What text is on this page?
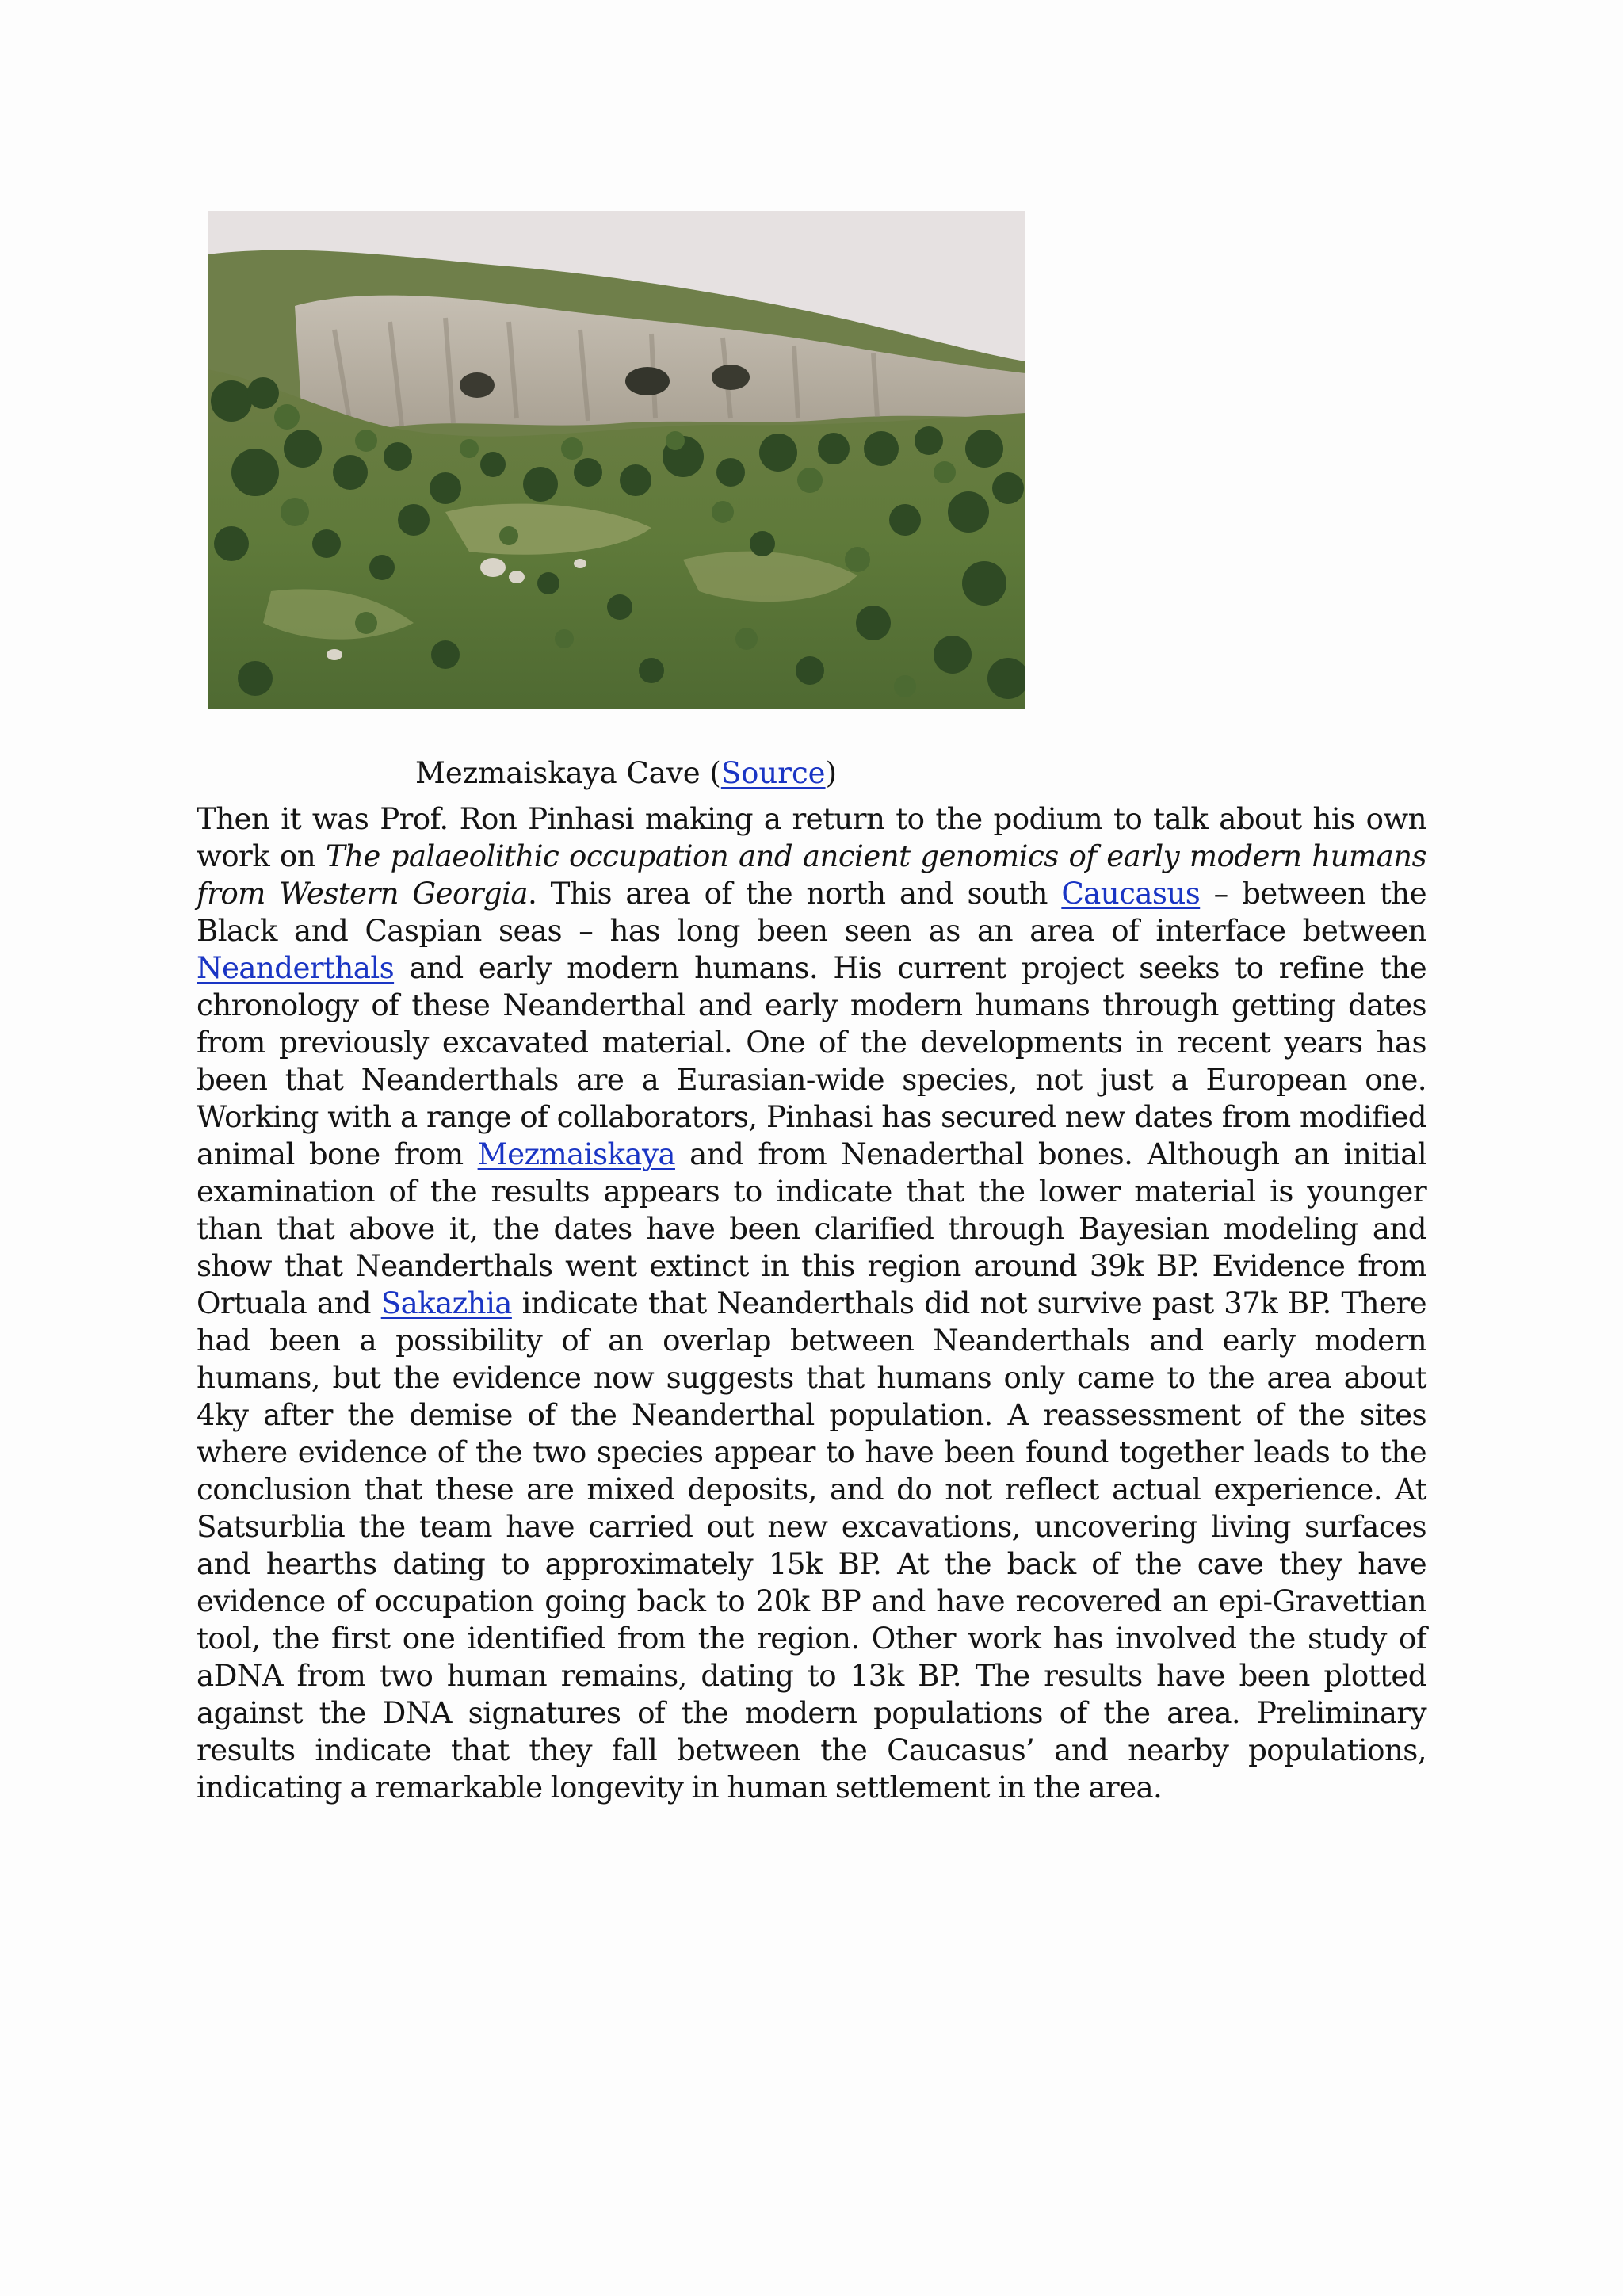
Mezmaiskaya Cave (Source)
Then it was Prof. Ron Pinhasi making a return to the podium to talk about his own work on The palaeolithic occupation and ancient genomics of early modern humans from Western Georgia. This area of the north and south Caucasus – between the Black and Caspian seas – has long been seen as an area of interface between Neanderthals and early modern humans. His current project seeks to refine the chronology of these Neanderthal and early modern humans through getting dates from previously excavated material. One of the developments in recent years has been that Neanderthals are a Eurasian-wide species, not just a European one. Working with a range of collaborators, Pinhasi has secured new dates from modified animal bone from Mezmaiskaya and from Nenaderthal bones. Although an initial examination of the results appears to indicate that the lower material is younger than that above it, the dates have been clarified through Bayesian modeling and show that Neanderthals went extinct in this region around 39k BP. Evidence from Ortuala and Sakazhia indicate that Neanderthals did not survive past 37k BP. There had been a possibility of an overlap between Neanderthals and early modern humans, but the evidence now suggests that humans only came to the area about 4ky after the demise of the Neanderthal population. A reassessment of the sites where evidence of the two species appear to have been found together leads to the conclusion that these are mixed deposits, and do not reflect actual experience. At Satsurblia the team have carried out new excavations, uncovering living surfaces and hearths dating to approximately 15k BP. At the back of the cave they have evidence of occupation going back to 20k BP and have recovered an epi-Gravettian tool, the first one identified from the region. Other work has involved the study of aDNA from two human remains, dating to 13k BP. The results have been plotted against the DNA signatures of the modern populations of the area. Preliminary results indicate that they fall between the Caucasus’ and nearby populations, indicating a remarkable longevity in human settlement in the area.
